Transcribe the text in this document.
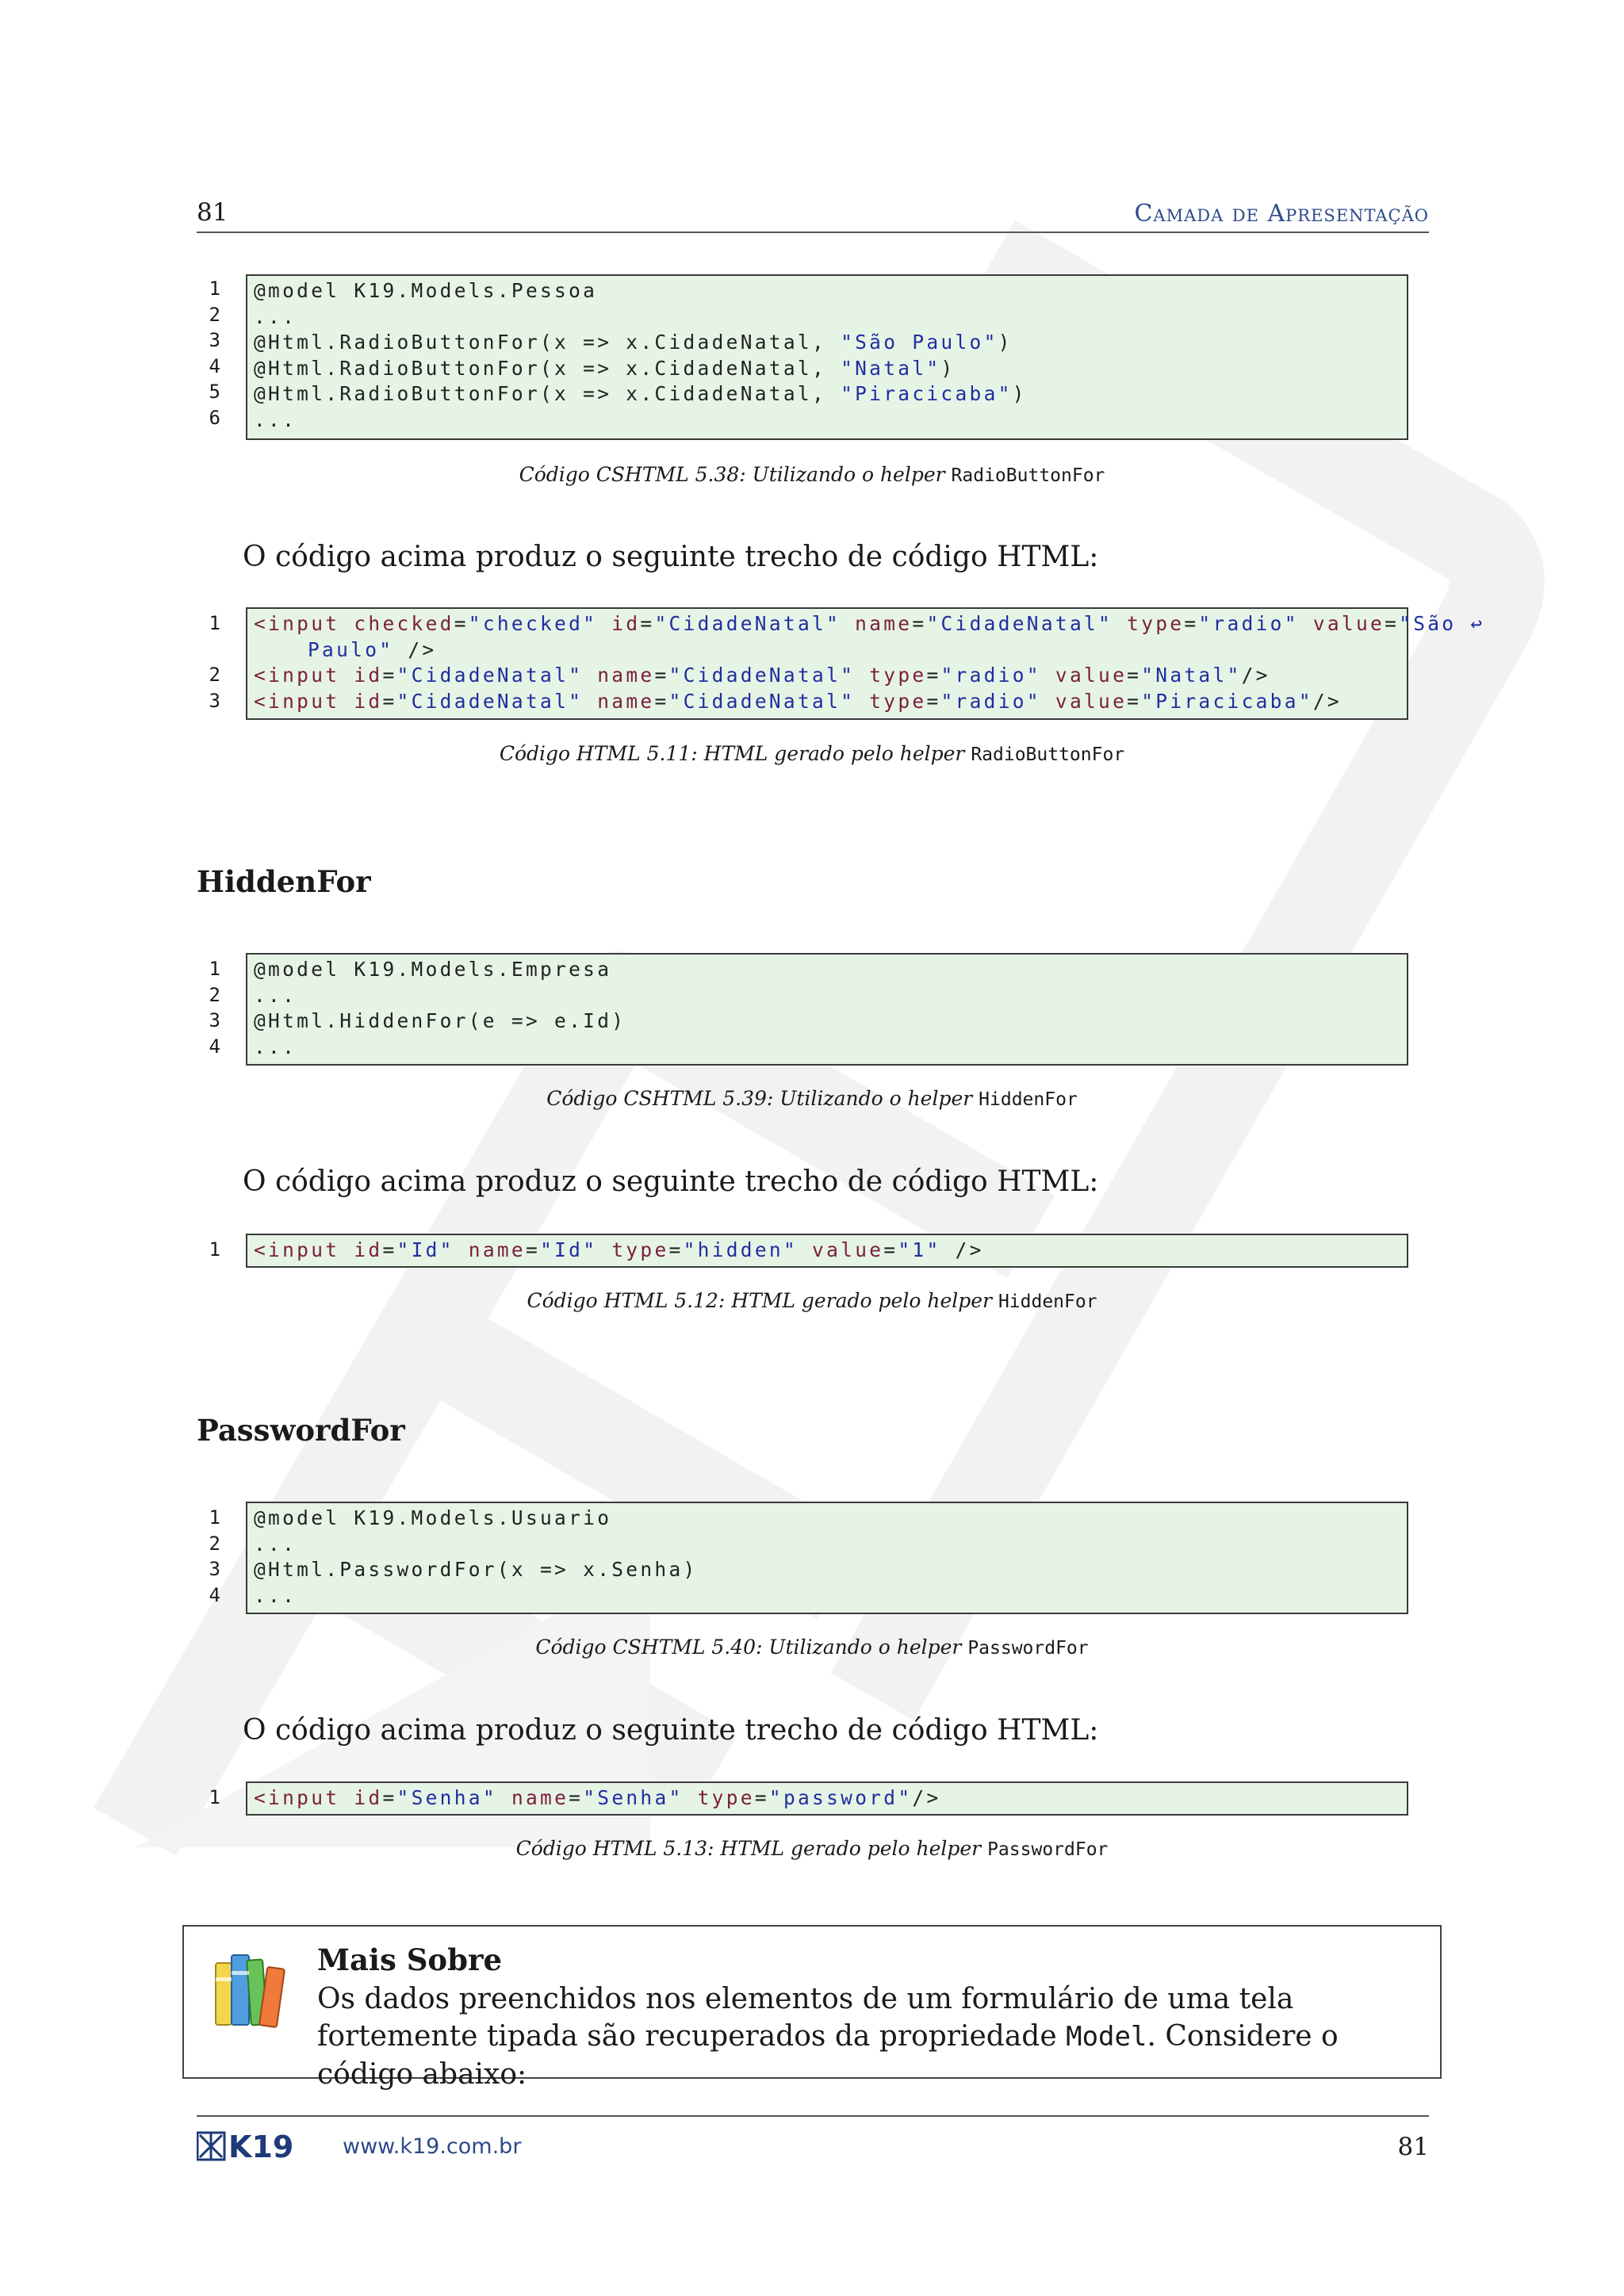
81	Camada de Apresentação
1
2
3
4
5
6
@model K19.Models.Pessoa
...
@Html.RadioButtonFor(x => x.CidadeNatal, "São Paulo")
@Html.RadioButtonFor(x => x.CidadeNatal, "Natal")
@Html.RadioButtonFor(x => x.CidadeNatal, "Piracicaba")
...
Código CSHTML 5.38: Utilizando o helper RadioButtonFor
O código acima produz o seguinte trecho de código HTML:
1
2
3
<input checked="checked" id="CidadeNatal" name="CidadeNatal" type="radio" value="São ↩
Paulo" />
<input id="CidadeNatal" name="CidadeNatal" type="radio" value="Natal"/>
<input id="CidadeNatal" name="CidadeNatal" type="radio" value="Piracicaba"/>
Código HTML 5.11: HTML gerado pelo helper RadioButtonFor
HiddenFor
1
2
3
4
@model K19.Models.Empresa
...
@Html.HiddenFor(e => e.Id)
...
Código CSHTML 5.39: Utilizando o helper HiddenFor
O código acima produz o seguinte trecho de código HTML:
1 <input id="Id" name="Id" type="hidden" value="1" />
Código HTML 5.12: HTML gerado pelo helper HiddenFor
PasswordFor
1
2
3
4
@model K19.Models.Usuario
...
@Html.PasswordFor(x => x.Senha)
...
Código CSHTML 5.40: Utilizando o helper PasswordFor
O código acima produz o seguinte trecho de código HTML:
1 <input id="Senha" name="Senha" type="password"/>
Código HTML 5.13: HTML gerado pelo helper PasswordFor
Mais Sobre
Os dados preenchidos nos elementos de um formulário de uma tela fortemente tipada são recuperados da propriedade Model. Considere o código abaixo:
K19 www.k19.com.br	81
